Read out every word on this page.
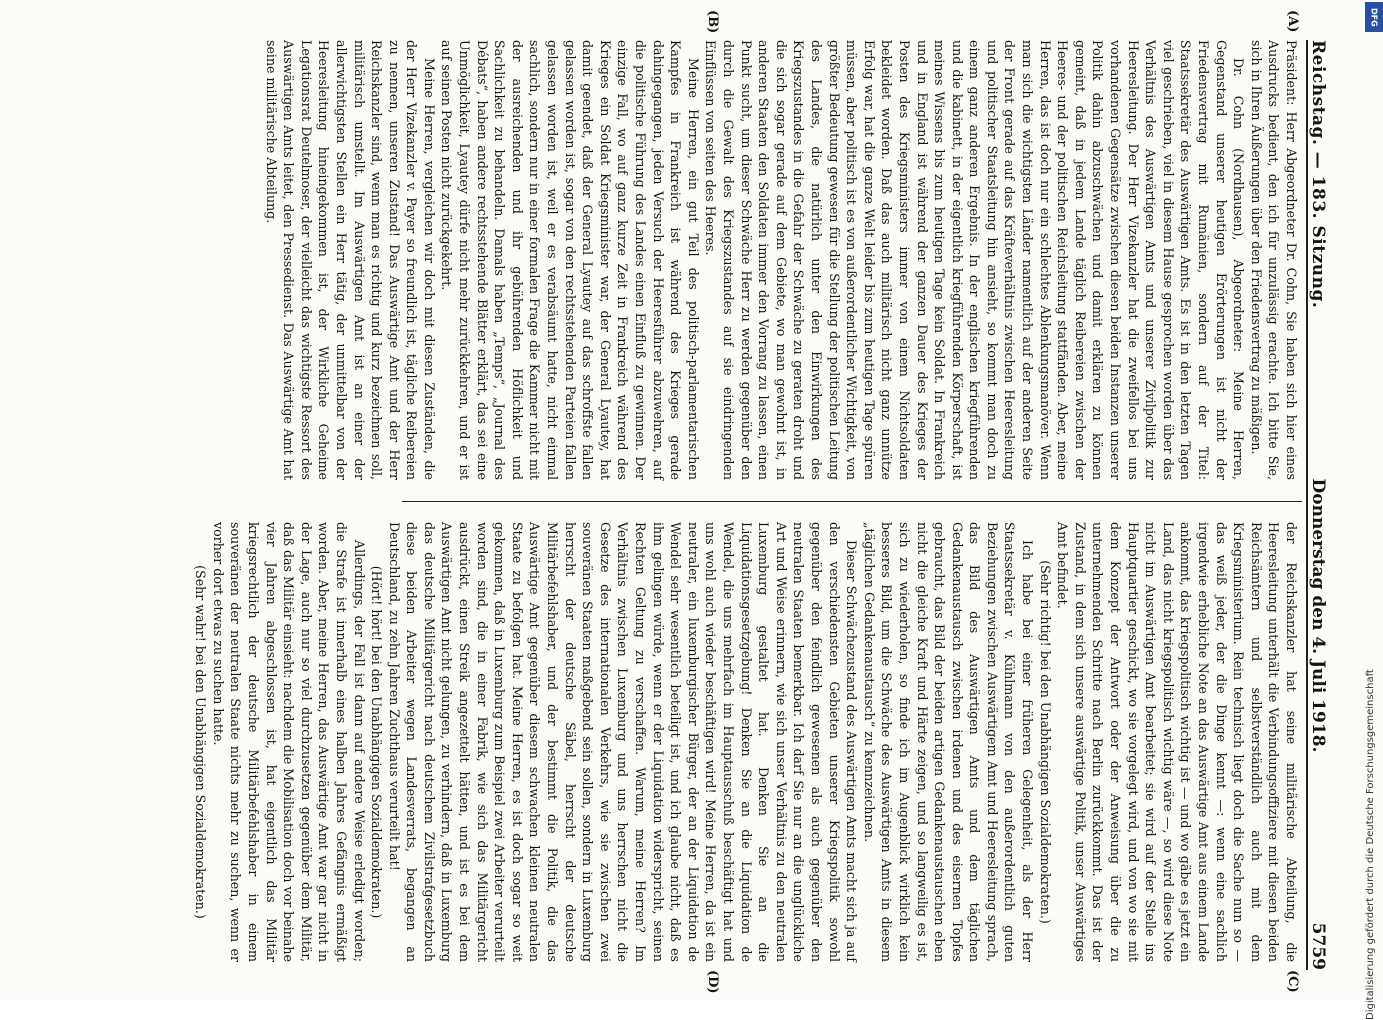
Reichstag. — 183. Sitzung.
Donnerstag den 4. Juli 1918.
5759
(A)
(B)
(C)
(D)

Präsident: Herr Abgeordneter Dr. Cohn, Sie haben sich hier eines Ausdrucks bedient, den ich für unzulässig erachte. Ich bitte Sie, sich in Ihren Äußerungen über den Friedensvertrag zu mäßigen.

Dr. Cohn (Nordhausen), Abgeordneter: Meine Herren, Gegenstand unserer heutigen Erörterungen ist nicht der Friedensvertrag mit Rumänien, sondern auf der Titel: Staatssekretär des Auswärtigen Amts. Es ist in den letzten Tagen viel geschrieben, viel in diesem Hause gesprochen worden über das Verhältnis des Auswärtigen Amts und unserer Zivilpolitik zur Heeresleitung. Der Herr Vizekanzler hat die zweifellos bei uns vorhandenen Gegensätze zwischen diesen beiden Instanzen unserer Politik dahin abzuschwächen und damit erklären zu können gemeint, daß in jedem Lande täglich Reibereien zwischen der Heeres- und der politischen Reichsleitung stattfänden. Aber, meine Herren, das ist doch nur ein schlechtes Ablenkungsmanöver. Wenn man sich die wichtigsten Länder namentlich auf der anderen Seite der Front gerade auf das Kräfteverhältnis zwischen Heeresleitung und politischer Staatsleitung hin ansieht, so kommt man doch zu einem ganz anderen Ergebnis. In der englischen kriegführenden und die kabinett, in der eigentlich kriegführenden Körperschaft, ist meines Wissens bis zum heutigen Tage kein Soldat. In Frankreich und in England ist während der ganzen Dauer des Krieges der Posten des Kriegsministers immer von einem Nichtsoldaten bekleidet worden. Daß das auch militärisch nicht ganz unnütze Erfolg war, hat die ganze Welt leider bis zum heutigen Tage spüren müssen, aber politisch ist es von außerordentlicher Wichtigkeit, von größter Bedeutung gewesen für die Stellung der politischen Leitung des Landes, die natürlich unter den Einwirkungen des Kriegszustandes in die Gefahr der Schwäche zu geraten droht und die sich sogar gerade auf dem Gebiete, wo man gewohnt ist, in anderen Staaten den Soldaten immer den Vorrang zu lassen, einen Punkt sucht, um dieser Schwäche Herr zu werden gegenüber den durch die Gewalt des Kriegszustandes auf sie eindringenden Einflüssen von seiten des Heeres.

Meine Herren, ein gut Teil des politisch-parlamentarischen Kampfes in Frankreich ist während des Krieges gerade dahingegangen, jeden Versuch der Heeresführer abzuwehren, auf die politische Führung des Landes einen Einfluß zu gewinnen. Der einzige Fall, wo auf ganz kurze Zeit in Frankreich während des Krieges ein Soldat Kriegsminister war, der General Lyautey, hat damit geendet, daß der General Lyautey auf das schroffste fallen gelassen worden ist, sogar von den rechtsstehenden Parteien fallen gelassen worden ist, weil er es verabsäumt hatte, nicht einmal sachlich, sondern nur in einer formalen Frage die Kammer nicht mit der ausreichenden und ihr gebührenden Höflichkeit und Sachlichkeit zu behandeln. Damals haben „Temps“, „Journal des Débats“, haben andere rechtsstehende Blätter erklärt, das sei eine Unmöglichkeit, Lyautey dürfe nicht mehr zurückkehren, und er ist auf seinen Posten nicht zurückgekehrt.

Meine Herren, vergleichen wir doch mit diesen Zuständen, die der Herr Vizekanzler v. Payer so freundlich ist, tägliche Reibereien zu nennen, unseren Zustand! Das Auswärtige Amt und der Herr Reichskanzler sind, wenn man es richtig und kurz bezeichnen soll, militärisch umstellt. Im Auswärtigen Amt ist an einer der allerwichtigsten Stellen ein Herr tätig, der unmittelbar von der Heeresleitung hineingekommen ist, der Wirkliche Geheime Legationsrat Deutelmoser, der vielleicht das wichtigste Ressort des Auswärtigen Amts leitet, den Pressedienst. Das Auswärtige Amt hat seine militärische Abteilung.

der Reichskanzler hat seine militärische Abteilung, die Heeresleitung unterhält die Verbindungsoffiziere mit diesen beiden Reichsämtern und selbstverständlich auch mit dem Kriegsministerium. Rein technisch liegt doch die Sache nun so — das weiß jeder, der die Dinge kennt —: wenn eine sachlich irgendwie erhebliche Note an das Auswärtige Amt aus einem Lande ankommt, das kriegspolitisch wichtig ist — und wo gäbe es jetzt ein Land, das nicht kriegspolitisch wichtig wäre —, so wird diese Note nicht im Auswärtigen Amt bearbeitet; sie wird auf der Stelle ins Hauptquartier geschickt, wo sie vorgelegt wird, und von wo sie mit dem Konzept der Antwort oder der Anweisung über die zu unternehmenden Schritte nach Berlin zurückkommt. Das ist der Zustand, in dem sich unsere auswärtige Politik, unser Auswärtiges Amt befindet.

(Sehr richtig! bei den Unabhängigen Sozialdemokraten.)

Ich habe bei einer früheren Gelegenheit, als der Herr Staatssekretär v. Kühlmann von den außerordentlich guten Beziehungen zwischen Auswärtigem Amt und Heeresleitung sprach, das Bild des Auswärtigen Amts und dem täglichen Gedankenaustausch zwischen irdenen und des eisernen Topfes gebraucht, das Bild der beiden artigen Gedankenaustauschen eben nicht die gleiche Kraft und Härte zeigen, und so langweilig es ist, sich zu wiederholen, so finde ich im Augenblick wirklich kein besseres Bild, um die Schwäche des Auswärtigen Amts in diesem „täglichen Gedankenaustausch“ zu kennzeichnen.

Dieser Schwächezustand des Auswärtigen Amts macht sich ja auf den verschiedensten Gebieten unserer Kriegspolitik sowohl gegenüber den feindlich gewesenen als auch gegenüber den neutralen Staaten bemerkbar. Ich darf Sie nur an die unglückliche Art und Weise erinnern, wie sich unser Verhältnis zu den neutralen Luxemburg gestaltet hat. Denken Sie an die Liquidationsgesetzgebung! Denken Sie an die Liquidation de Wendel, die uns mehrfach im Hauptausschuß beschäftigt hat und uns wohl auch wieder beschäftigen wird! Meine Herren, da ist ein neutraler, ein luxemburgischer Bürger, der an der Liquidation de Wendel sehr wesentlich beteiligt ist, und ich glaube nicht, daß es ihm gelingen würde, wenn er der Liquidation widerspricht, seinen Rechten Geltung zu verschaffen. Warum, meine Herren? Im Verhältnis zwischen Luxemburg und uns herrschen nicht die Gesetze des internationalen Verkehrs, wie sie zwischen zwei souveränen Staaten maßgebend sein sollen, sondern in Luxemburg herrscht der deutsche Säbel, herrscht der deutsche Militärbefehlshaber, und der bestimmt die Politik, die das Auswärtige Amt gegenüber diesem schwachen kleinen neutralen Staate zu befolgen hat. Meine Herren, es ist doch sogar so weit gekommen, daß in Luxemburg zum Beispiel zwei Arbeiter verurteilt worden sind, die in einer Fabrik, wie sich das Militärgericht ausdrückt, einen Streik angezettelt hätten, und ist es bei dem Auswärtigen Amt nicht gelungen, zu verhindern, daß in Luxemburg das deutsche Militärgericht nach deutschem Zivilstrafgesetzbuch diese beiden Arbeiter wegen Landesverrats, begangen an Deutschland, zu zehn Jahren Zuchthaus verurteilt hat!

(Hört! hört! bei den Unabhängigen Sozialdemokraten.)

Allerdings, der Fall ist dann auf andere Weise erledigt worden; die Strafe ist innerhalb eines halben Jahres Gefängnis ermäßigt worden. Aber, meine Herren, das Auswärtige Amt war gar nicht in der Lage, auch nur so viel durchzusetzen gegenüber dem Militär, daß das Militär einsieht: nachdem die Mobilisation doch vor beinahe vier Jahren abgeschlossen ist, hat eigentlich das Militär kriegsrechtlich der deutsche Militärbefehlshaber in einem souveränen der neutralen Staate nichts mehr zu suchen, wenn er vorher dort etwas zu suchen hatte.

(Sehr wahr! bei den Unabhängigen Sozialdemokraten.)

DFG
Digitalisierung gefördert durch die Deutsche Forschungsgemeinschaft
